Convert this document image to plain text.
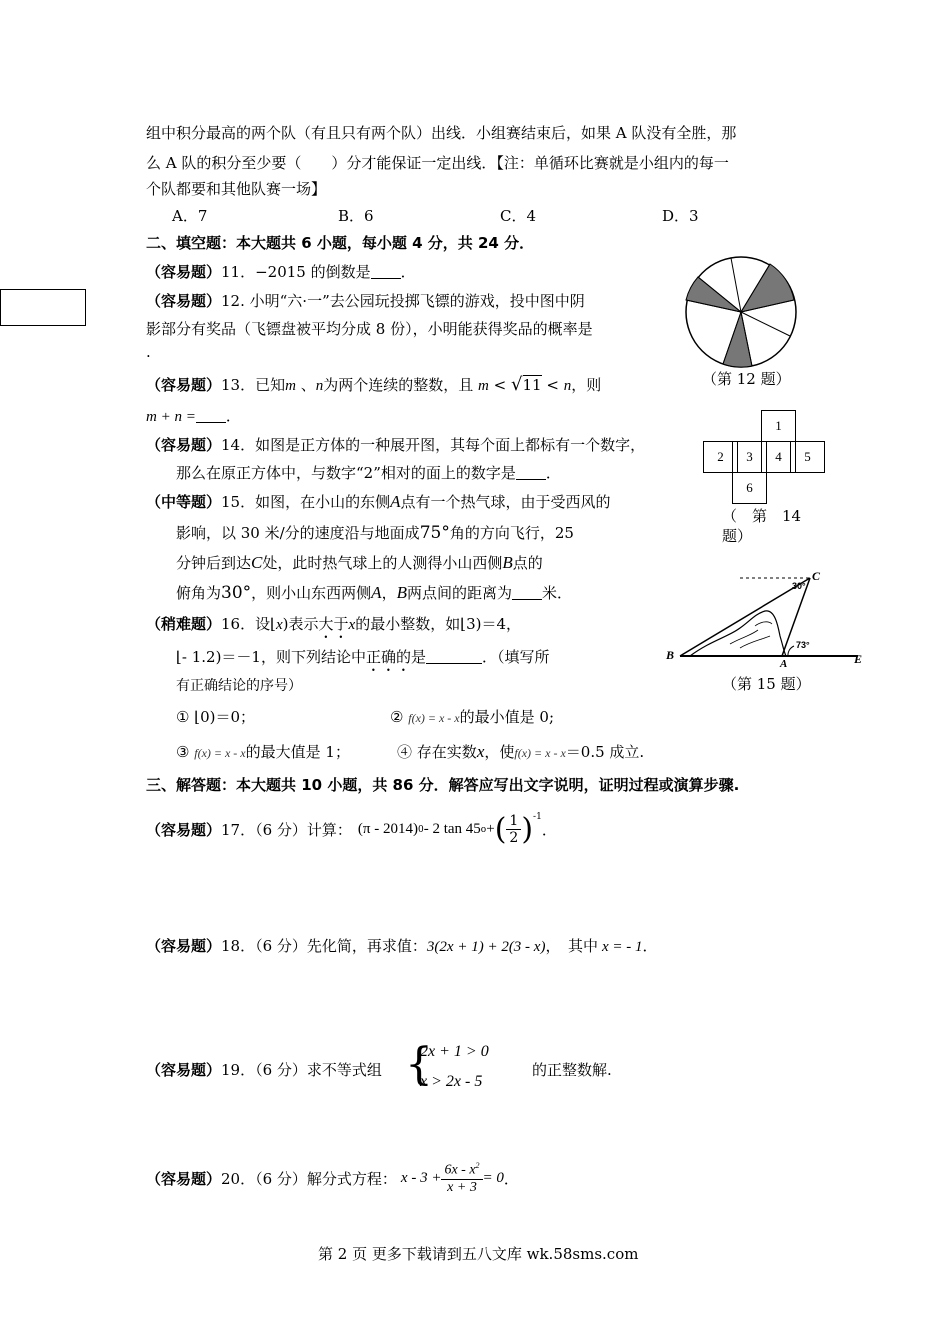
组中积分最高的两个队（有且只有两个队）出线．小组赛结束后，如果 A 队没有全胜，那
么 A 队的积分至少要（　　）分才能保证一定出线．【注：单循环比赛就是小组内的每一
个队都要和其他队赛一场】
A．7	B．6	C．4	D．3
二、填空题：本大题共 6 小题，每小题 4 分，共 24 分．
（容易题）11．−2015 的倒数是 ．
（容易题）12. 小明“六·一”去公园玩投掷飞镖的游戏，投中图中阴
影部分有奖品（飞镖盘被平均分成 8 份），小明能获得奖品的概率是
.
（第 12 题）
（容易题）13．已知m 、n为两个连续的整数，且 m < √11 < n，则
m + n = ．
（容易题）14．如图是正方体的一种展开图，其每个面上都标有一个数字，
那么在原正方体中，与数字“2”相对的面上的数字是 ．
1
2	3	4	5
6
（　第　14
题）
（中等题）15．如图，在小山的东侧A点有一个热气球，由于受西风的
影响，以 30 米/分的速度沿与地面成75°角的方向飞行，25
分钟后到达C处，此时热气球上的人测得小山西侧B点的
俯角为30°，则小山东西两侧A，B两点间的距离为 米．
C
30°
B
A
73°
E
（第 15 题）
（稍难题）16．设⌊x)表示大于x的最小整数，如⌊3)＝4，
⌊- 1.2)＝－1，则下列结论中正确的是	．（填写所
有正确结论的序号）
① ⌊0)＝0；	② f(x) = x - x的最小值是 0;
③ f(x) = x - x的最大值是 1；	④ 存在实数x，使f(x) = x - x＝0.5 成立.
三、解答题：本大题共 10 小题，共 86 分．解答应写出文字说明，证明过程或演算步骤.
（容易题） 17．（6 分）计算： (π - 2014) 0 - 2 tan 45 o + ( $\frac{1}{2} )^{-1}$
．
（容易题）18．（6 分）先化简，再求值：3(2x + 1) + 2(3 - x)，　其中 x = - 1．
（容易题）19．（6 分）求不等式组 {
2x + 1 > 0
x > 2x - 5
的正整数解.
（容易题） 20．（6 分）解分式方程： $x - 3 + \frac{6x - x^2}{x + 3} = 0$ ．
第 2 页 更多下载请到五八文库 wk.58sms.com
